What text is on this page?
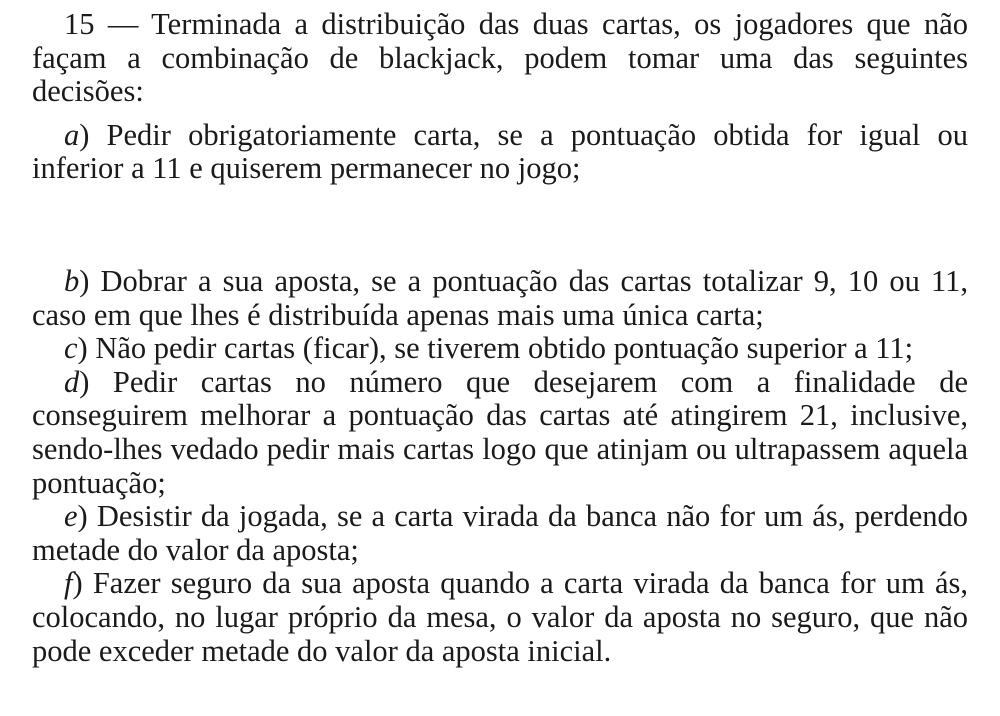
15 — Terminada a distribuição das duas cartas, os jogadores que não façam a combinação de blackjack, podem tomar uma das seguintes decisões:

a) Pedir obrigatoriamente carta, se a pontuação obtida for igual ou inferior a 11 e quiserem permanecer no jogo;

b) Dobrar a sua aposta, se a pontuação das cartas totalizar 9, 10 ou 11, caso em que lhes é distribuída apenas mais uma única carta;

c) Não pedir cartas (ficar), se tiverem obtido pontuação superior a 11;

d) Pedir cartas no número que desejarem com a finalidade de conseguirem melhorar a pontuação das cartas até atingirem 21, inclusive, sendo-lhes vedado pedir mais cartas logo que atinjam ou ultrapassem aquela pontuação;

e) Desistir da jogada, se a carta virada da banca não for um ás, perdendo metade do valor da aposta;

f) Fazer seguro da sua aposta quando a carta virada da banca for um ás, colocando, no lugar próprio da mesa, o valor da aposta no seguro, que não pode exceder metade do valor da aposta inicial.
